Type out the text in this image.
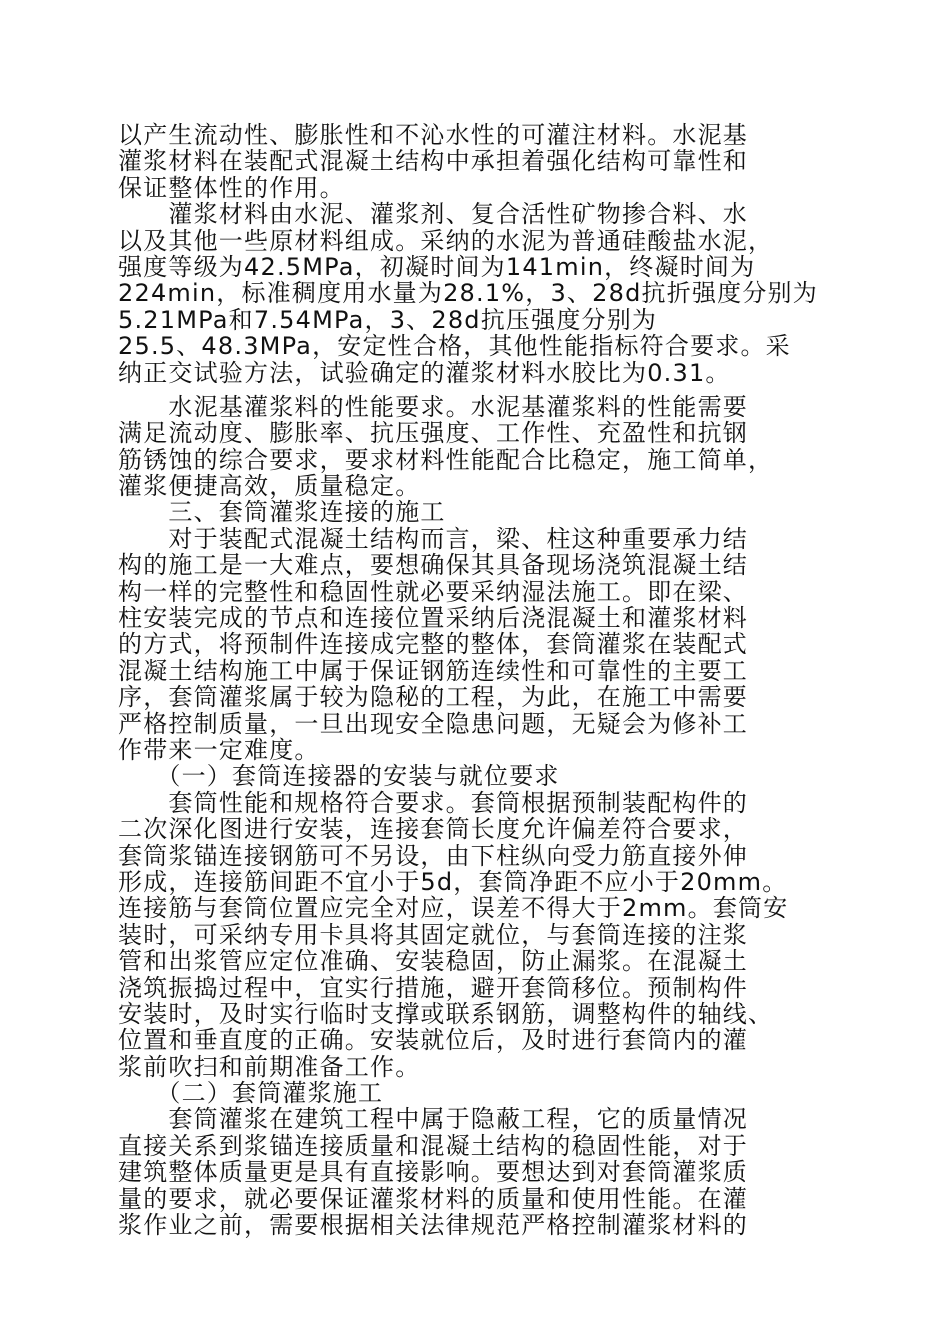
以产生流动性、膨胀性和不沁水性的可灌注材料。水泥基
灌浆材料在装配式混凝土结构中承担着强化结构可靠性和
保证整体性的作用。
　　灌浆材料由水泥、灌浆剂、复合活性矿物掺合料、水
以及其他一些原材料组成。采纳的水泥为普通硅酸盐水泥，
强度等级为42.5MPa，初凝时间为141min，终凝时间为
224min，标准稠度用水量为28.1%，3、28d抗折强度分别为
5.21MPa和7.54MPa，3、28d抗压强度分别为
25.5、48.3MPa，安定性合格，其他性能指标符合要求。采
纳正交试验方法，试验确定的灌浆材料水胶比为0.31。
　　水泥基灌浆料的性能要求。水泥基灌浆料的性能需要
满足流动度、膨胀率、抗压强度、工作性、充盈性和抗钢
筋锈蚀的综合要求，要求材料性能配合比稳定，施工简单，
灌浆便捷高效，质量稳定。
　　三、套筒灌浆连接的施工
　　对于装配式混凝土结构而言，梁、柱这种重要承力结
构的施工是一大难点，要想确保其具备现场浇筑混凝土结
构一样的完整性和稳固性就必要采纳湿法施工。即在梁、
柱安装完成的节点和连接位置采纳后浇混凝土和灌浆材料
的方式，将预制件连接成完整的整体，套筒灌浆在装配式
混凝土结构施工中属于保证钢筋连续性和可靠性的主要工
序，套筒灌浆属于较为隐秘的工程，为此，在施工中需要
严格控制质量，一旦出现安全隐患问题，无疑会为修补工
作带来一定难度。
　　（一）套筒连接器的安装与就位要求
　　套筒性能和规格符合要求。套筒根据预制装配构件的
二次深化图进行安装，连接套筒长度允许偏差符合要求，
套筒浆锚连接钢筋可不另设，由下柱纵向受力筋直接外伸
形成，连接筋间距不宜小于5d，套筒净距不应小于20mm。
连接筋与套筒位置应完全对应，误差不得大于2mm。套筒安
装时，可采纳专用卡具将其固定就位，与套筒连接的注浆
管和出浆管应定位准确、安装稳固，防止漏浆。在混凝土
浇筑振捣过程中，宜实行措施，避开套筒移位。预制构件
安装时，及时实行临时支撑或联系钢筋，调整构件的轴线、
位置和垂直度的正确。安装就位后，及时进行套筒内的灌
浆前吹扫和前期准备工作。
　　（二）套筒灌浆施工
　　套筒灌浆在建筑工程中属于隐蔽工程，它的质量情况
直接关系到浆锚连接质量和混凝土结构的稳固性能，对于
建筑整体质量更是具有直接影响。要想达到对套筒灌浆质
量的要求，就必要保证灌浆材料的质量和使用性能。在灌
浆作业之前，需要根据相关法律规范严格控制灌浆材料的
